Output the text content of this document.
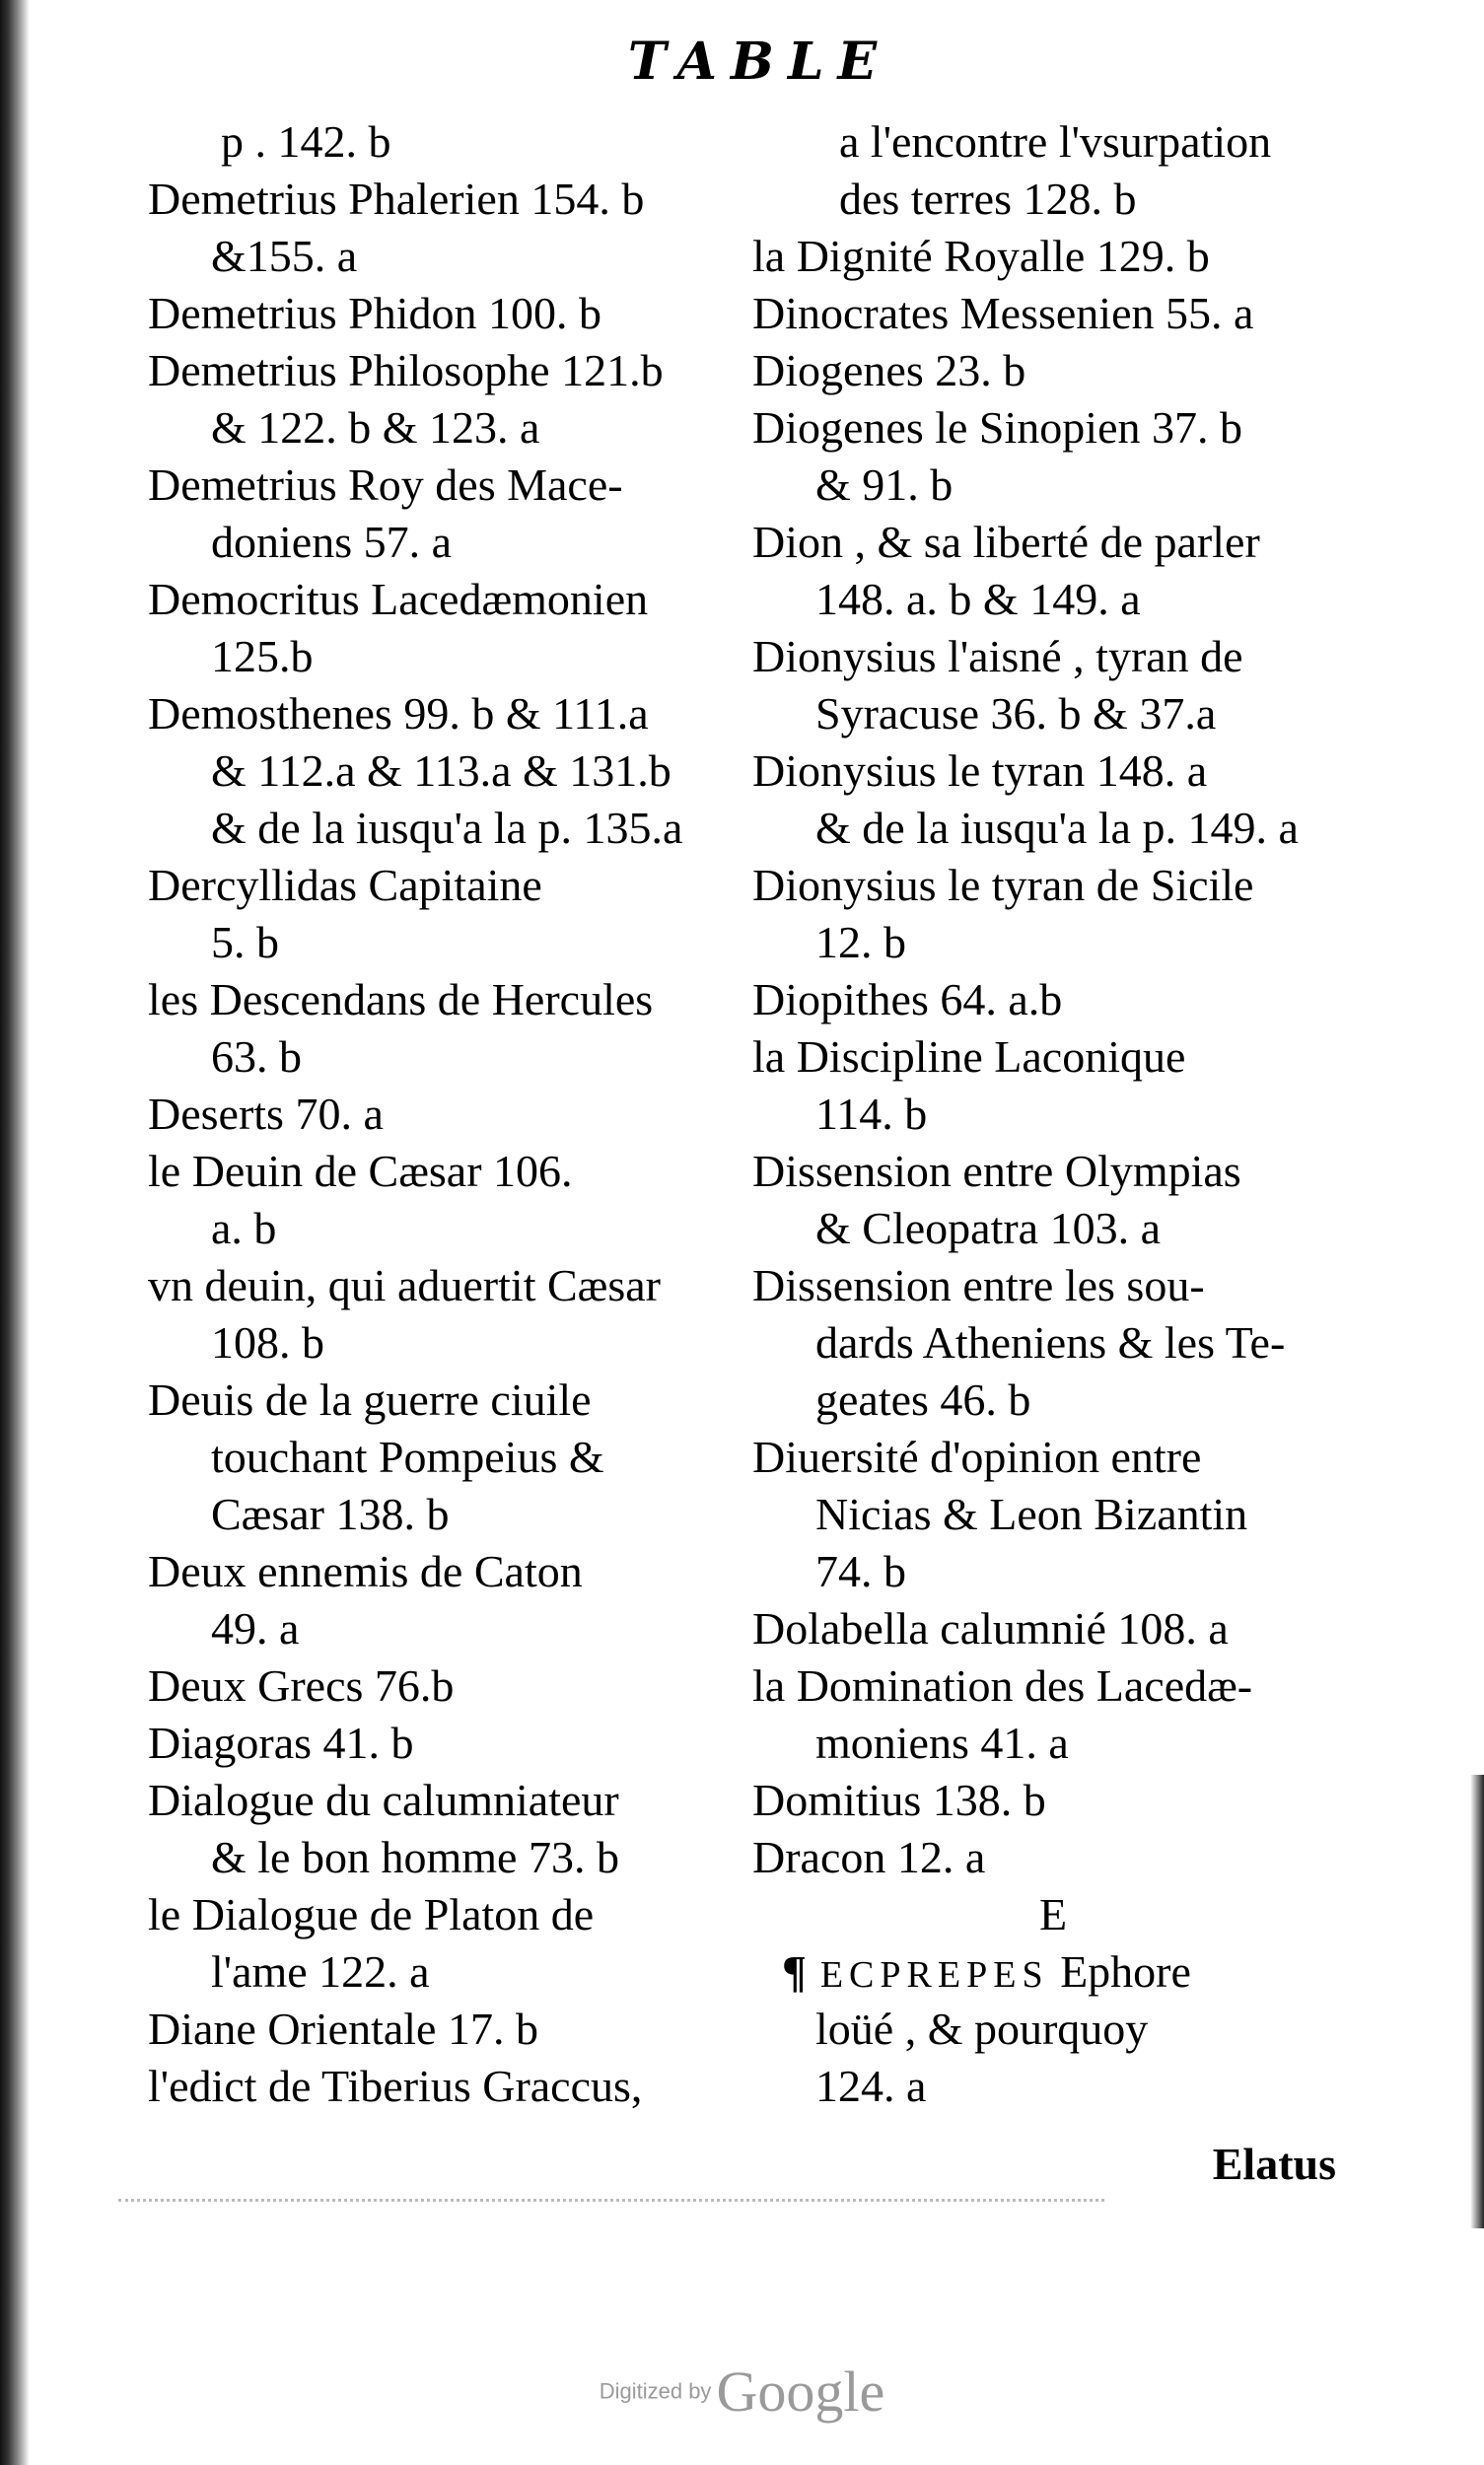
TABLE

p . 142. b

Demetrius Phalerien 154. b

&155. a

Demetrius Phidon 100. b

Demetrius Philosophe 121.b

& 122. b & 123. a

Demetrius Roy des Mace-

doniens 57. a

Democritus Lacedæmonien

125.b

Demosthenes 99. b & 111.a

& 112.a & 113.a & 131.b

& de la iusqu'a la p. 135.a

Dercyllidas Capitaine

5. b

les Descendans de Hercules

63. b

Deserts 70. a

le Deuin de Cæsar 106.

a. b

vn deuin, qui aduertit Cæsar

108. b

Deuis de la guerre ciuile

touchant Pompeius &

Cæsar 138. b

Deux ennemis de Caton

49. a

Deux Grecs 76.b

Diagoras 41. b

Dialogue du calumniateur

& le bon homme 73. b

le Dialogue de Platon de

l'ame 122. a

Diane Orientale 17. b

l'edict de Tiberius Graccus,

a l'encontre l'vsurpation

des terres 128. b

la Dignité Royalle 129. b

Dinocrates Messenien 55. a

Diogenes 23. b

Diogenes le Sinopien 37. b

& 91. b

Dion , & sa liberté de parler

148. a. b & 149. a

Dionysius l'aisné , tyran de

Syracuse 36. b & 37.a

Dionysius le tyran 148. a

& de la iusqu'a la p. 149. a

Dionysius le tyran de Sicile

12. b

Diopithes 64. a.b

la Discipline Laconique

114. b

Dissension entre Olympias

& Cleopatra 103. a

Dissension entre les sou-

dards Atheniens & les Te-

geates 46. b

Diuersité d'opinion entre

Nicias & Leon Bizantin

74. b

Dolabella calumnié 108. a

la Domination des Lacedæ-

moniens 41. a

Domitius 138. b

Dracon 12. a

E

¶ ECPREPES Ephore

loüé , & pourquoy

124. a

Elatus
Digitized by Google
